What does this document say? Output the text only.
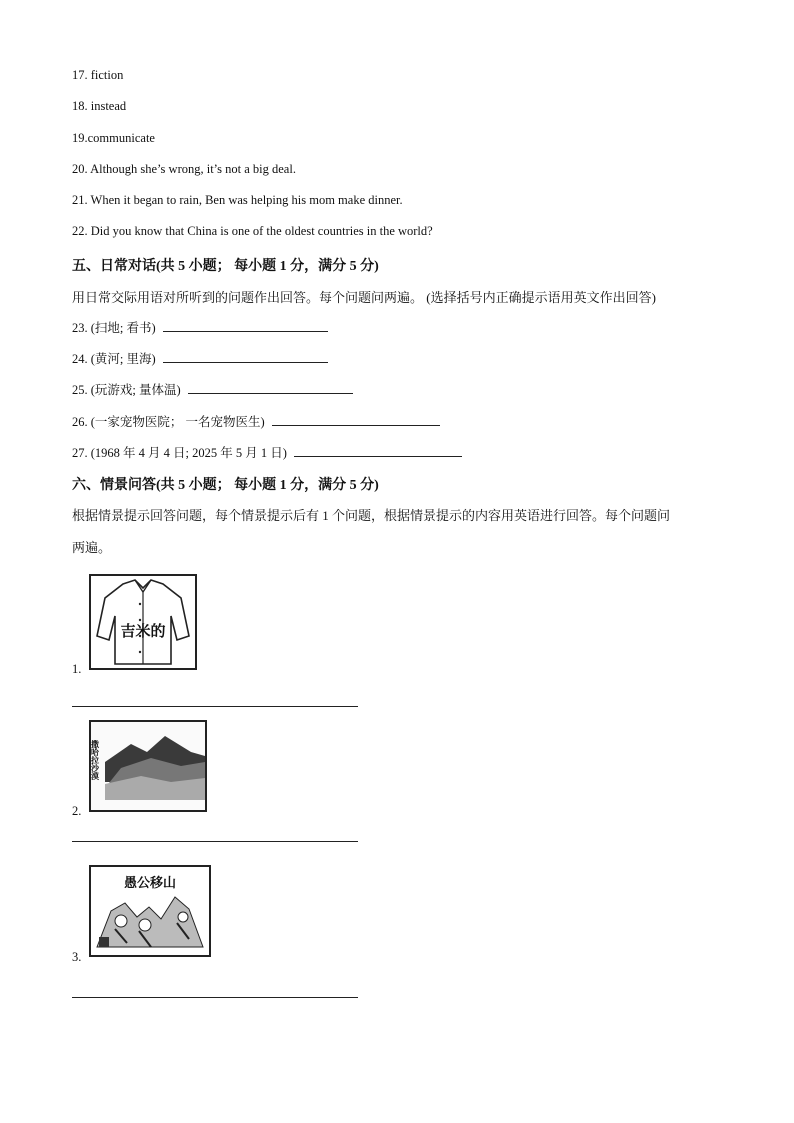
17. fiction
18. instead
19.communicate
20. Although she’s wrong, it’s not a big deal.
21. When it began to rain, Ben was helping his mom make dinner.
22. Did you know that China is one of the oldest countries in the world?
五、日常对话(共 5 小题； 每小题 1 分，满分 5 分)
用日常交际用语对所听到的问题作出回答。每个问题问两遍。 (选择括号内正确提示语用英文作出回答)
23. (扫地; 看书)
24. (黄河; 里海)
25. (玩游戏; 量体温)
26. (一家宠物医院； 一名宠物医生)
27. (1968 年 4 月 4 日; 2025 年 5 月 1 日)
六、情景问答(共 5 小题； 每小题 1 分，满分 5 分)
根据情景提示回答问题，每个情景提示后有 1 个问题，根据情景提示的内容用英语进行回答。每个问题问
两遍。
吉米的
1.
撒哈拉沙漠
2.
愚公移山
3.
